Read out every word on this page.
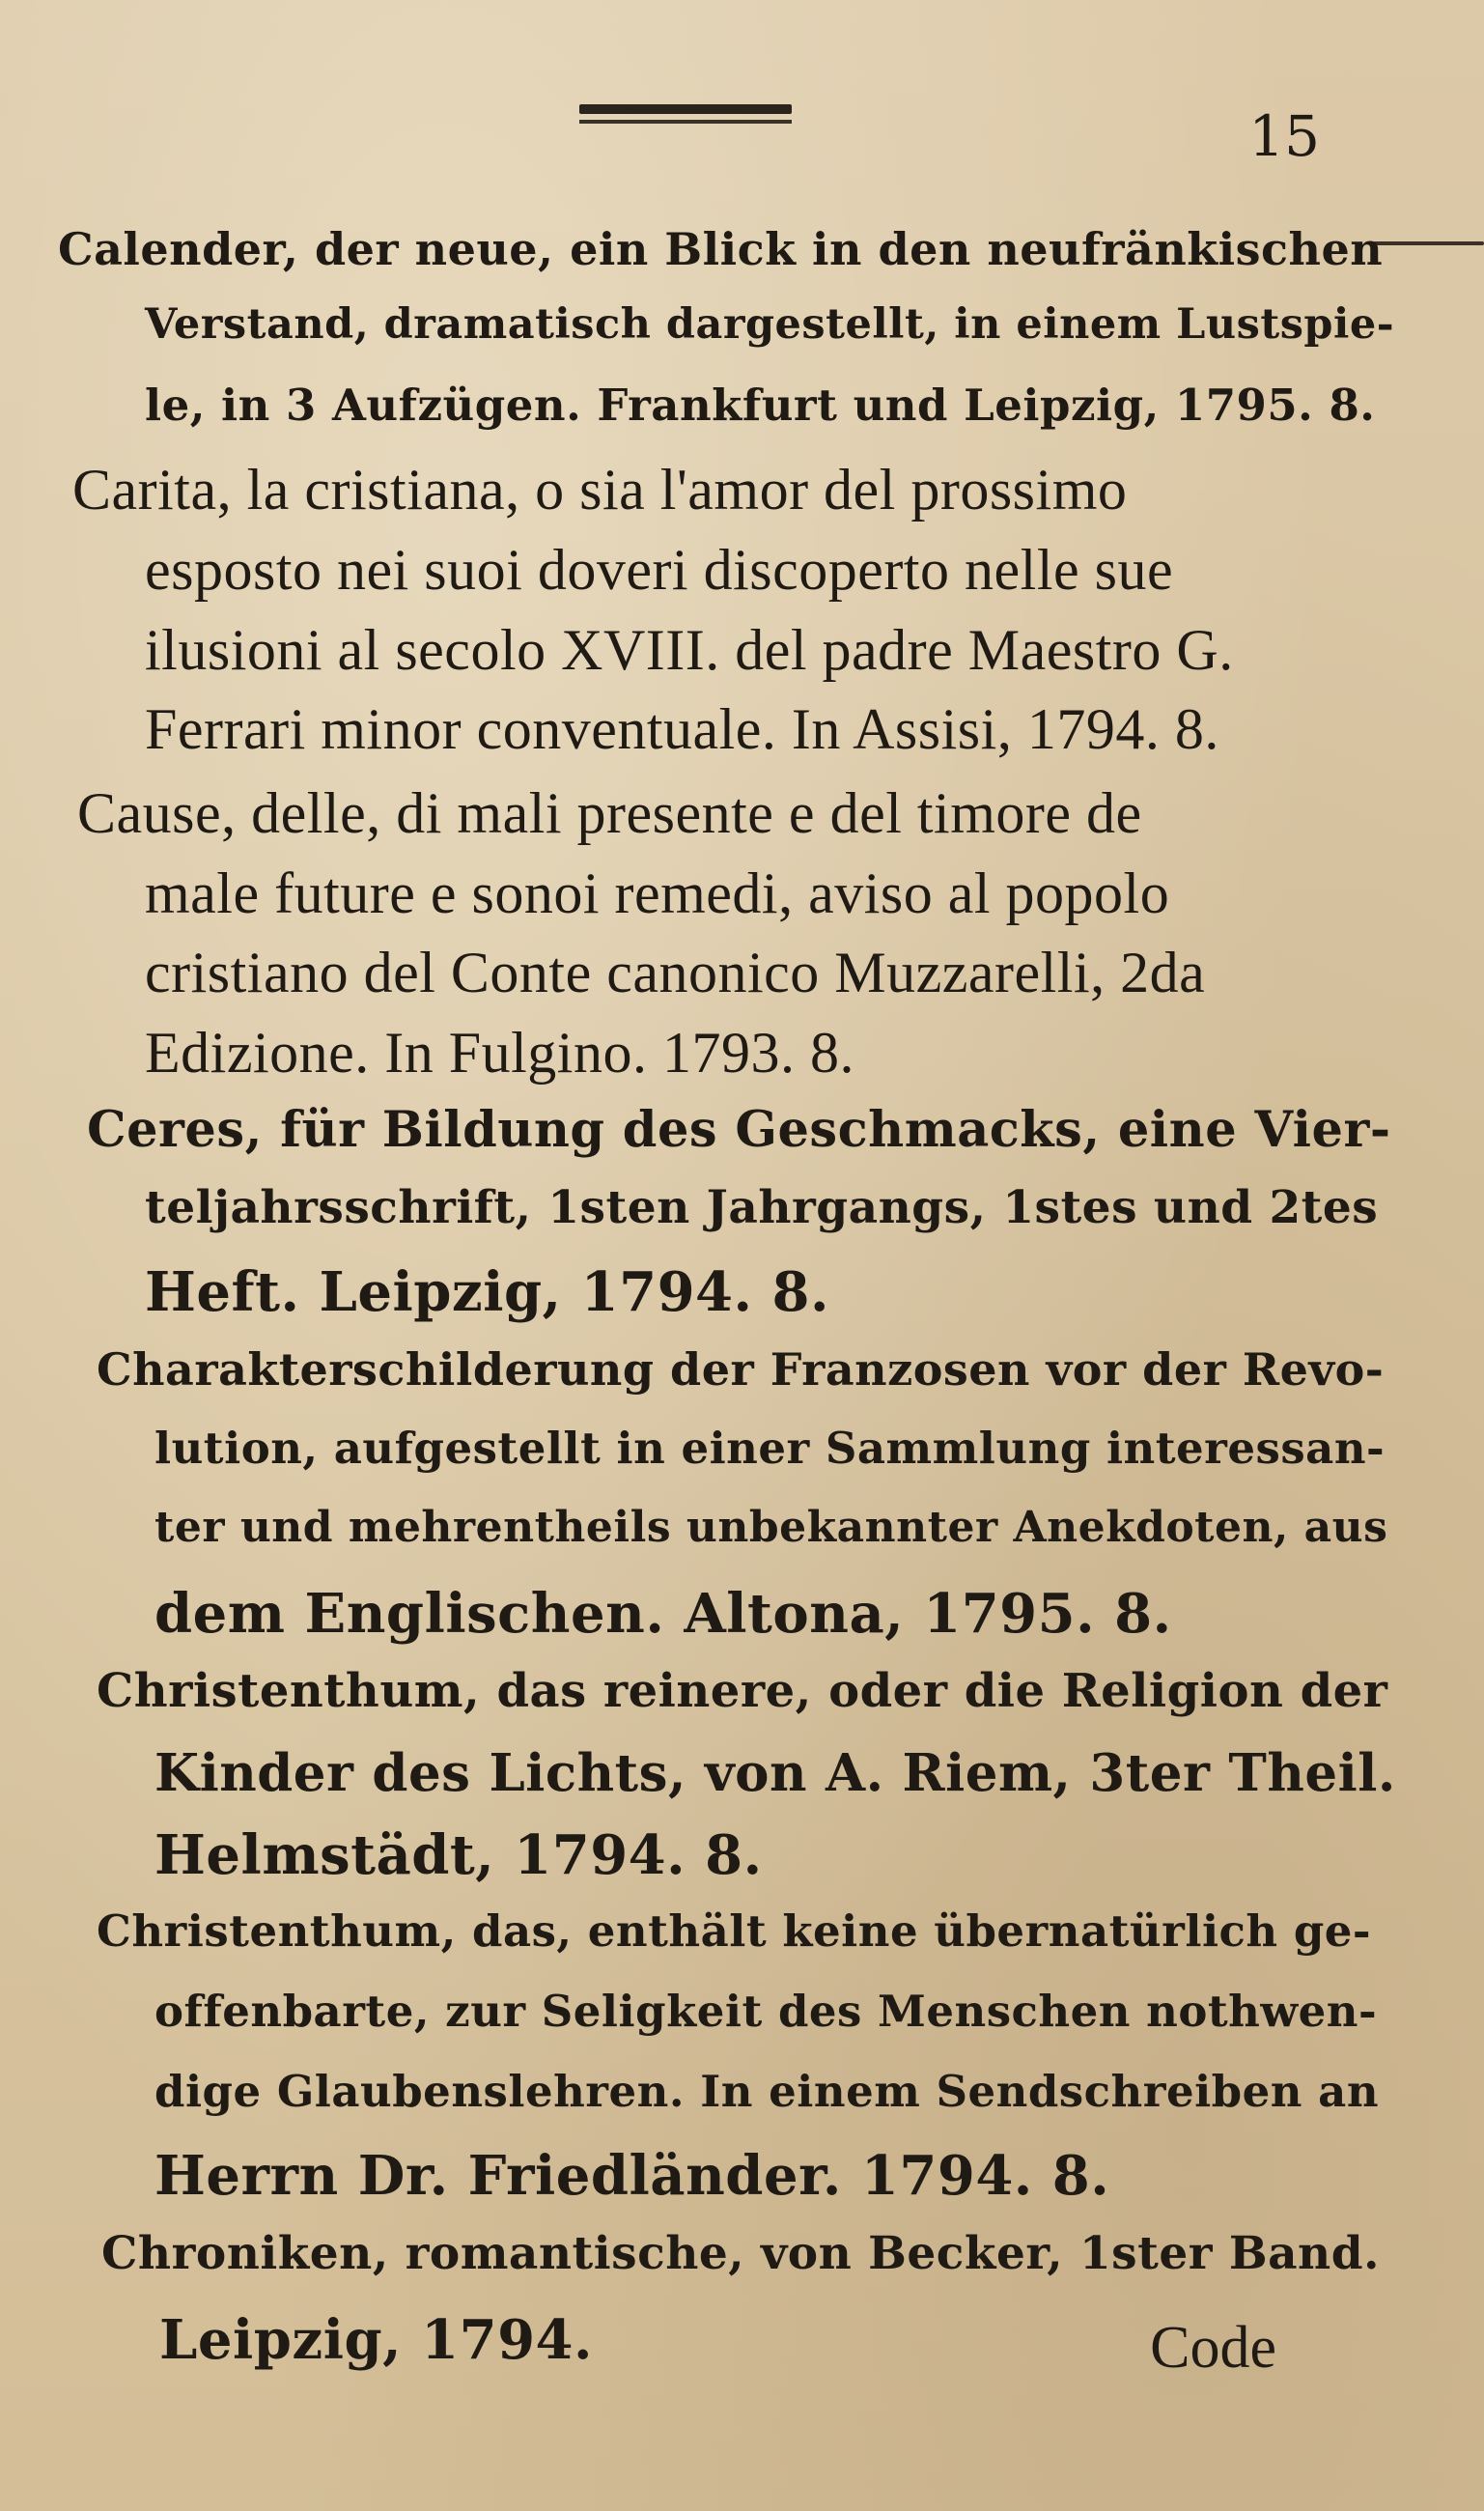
15
Calender, der neue, ein Blick in den neufränkischen
Verstand, dramatisch dargestellt, in einem Lustspie-
le, in 3 Aufzügen. Frankfurt und Leipzig, 1795. 8.
Carita, la cristiana, o sia l'amor del prossimo
esposto nei suoi doveri discoperto nelle sue
ilusioni al secolo XVIII. del padre Maestro G.
Ferrari minor conventuale. In Assisi, 1794. 8.
Cause, delle, di mali presente e del timore de
male future e sonoi remedi, aviso al popolo
cristiano del Conte canonico Muzzarelli, 2da
Edizione. In Fulgino. 1793. 8.
Ceres, für Bildung des Geschmacks, eine Vier-
teljahrsschrift, 1sten Jahrgangs, 1stes und 2tes
Heft. Leipzig, 1794. 8.
Charakterschilderung der Franzosen vor der Revo-
lution, aufgestellt in einer Sammlung interessan-
ter und mehrentheils unbekannter Anekdoten, aus
dem Englischen. Altona, 1795. 8.
Christenthum, das reinere, oder die Religion der
Kinder des Lichts, von A. Riem, 3ter Theil.
Helmstädt, 1794. 8.
Christenthum, das, enthält keine übernatürlich ge-
offenbarte, zur Seligkeit des Menschen nothwen-
dige Glaubenslehren. In einem Sendschreiben an
Herrn Dr. Friedländer. 1794. 8.
Chroniken, romantische, von Becker, 1ster Band.
Leipzig, 1794.	Code
